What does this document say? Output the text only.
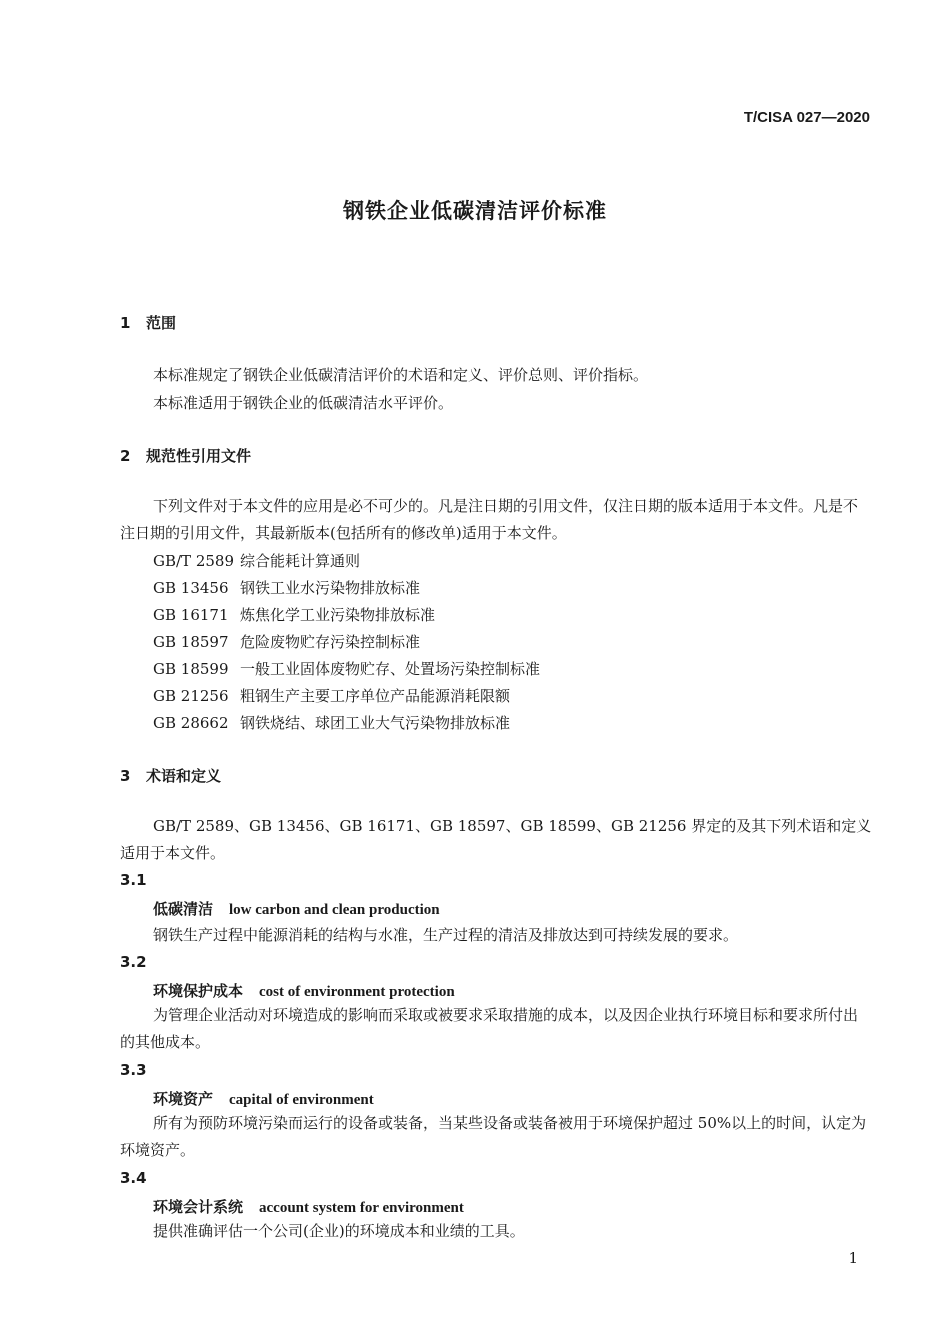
T/CISA 027—2020
钢铁企业低碳清洁评价标准
1 范围
本标准规定了钢铁企业低碳清洁评价的术语和定义、评价总则、评价指标。
本标准适用于钢铁企业的低碳清洁水平评价。
2 规范性引用文件
下列文件对于本文件的应用是必不可少的。凡是注日期的引用文件，仅注日期的版本适用于本文件。凡是不注日期的引用文件，其最新版本(包括所有的修改单)适用于本文件。
GB/T 2589 综合能耗计算通则
GB 13456 钢铁工业水污染物排放标准
GB 16171 炼焦化学工业污染物排放标准
GB 18597 危险废物贮存污染控制标准
GB 18599 一般工业固体废物贮存、处置场污染控制标准
GB 21256 粗钢生产主要工序单位产品能源消耗限额
GB 28662 钢铁烧结、球团工业大气污染物排放标准
3 术语和定义
GB/T 2589、GB 13456、GB 16171、GB 18597、GB 18599、GB 21256 界定的及其下列术语和定义适用于本文件。
3.1
低碳清洁 low carbon and clean production
钢铁生产过程中能源消耗的结构与水准，生产过程的清洁及排放达到可持续发展的要求。
3.2
环境保护成本 cost of environment protection
为管理企业活动对环境造成的影响而采取或被要求采取措施的成本，以及因企业执行环境目标和要求所付出的其他成本。
3.3
环境资产 capital of environment
所有为预防环境污染而运行的设备或装备，当某些设备或装备被用于环境保护超过 50%以上的时间，认定为环境资产。
3.4
环境会计系统 account system for environment
提供准确评估一个公司(企业)的环境成本和业绩的工具。
1
